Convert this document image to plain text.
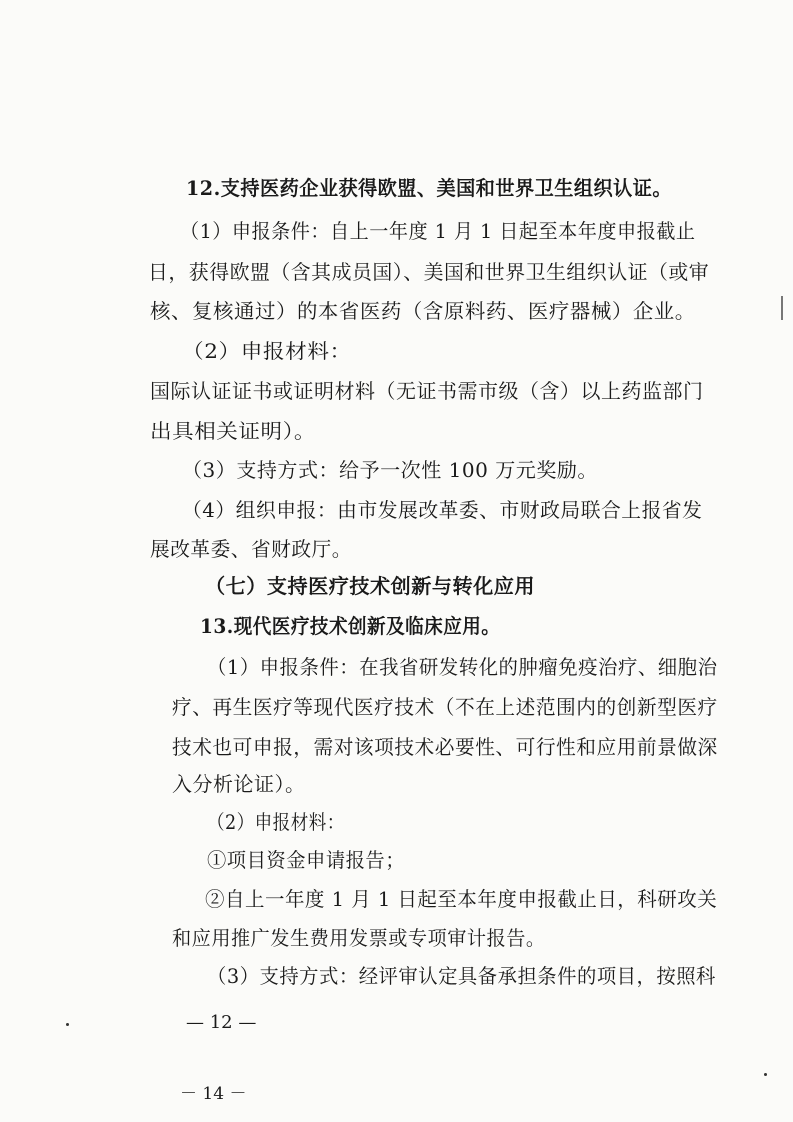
12.支持医药企业获得欧盟、美国和世界卫生组织认证。
（1）申报条件：自上一年度 1 月 1 日起至本年度申报截止
日，获得欧盟（含其成员国）、美国和世界卫生组织认证（或审
核、复核通过）的本省医药（含原料药、医疗器械）企业。
（2）申报材料：
国际认证证书或证明材料（无证书需市级（含）以上药监部门
出具相关证明）。
（3）支持方式：给予一次性 100 万元奖励。
（4）组织申报：由市发展改革委、市财政局联合上报省发
展改革委、省财政厅。
（七）支持医疗技术创新与转化应用
13.现代医疗技术创新及临床应用。
（1）申报条件：在我省研发转化的肿瘤免疫治疗、细胞治
疗、再生医疗等现代医疗技术（不在上述范围内的创新型医疗
技术也可申报，需对该项技术必要性、可行性和应用前景做深
入分析论证）。
（2）申报材料：
①项目资金申请报告；
②自上一年度 1 月 1 日起至本年度申报截止日，科研攻关
和应用推广发生费用发票或专项审计报告。
（3）支持方式：经评审认定具备承担条件的项目，按照科
— 12 —
－ 14 －
